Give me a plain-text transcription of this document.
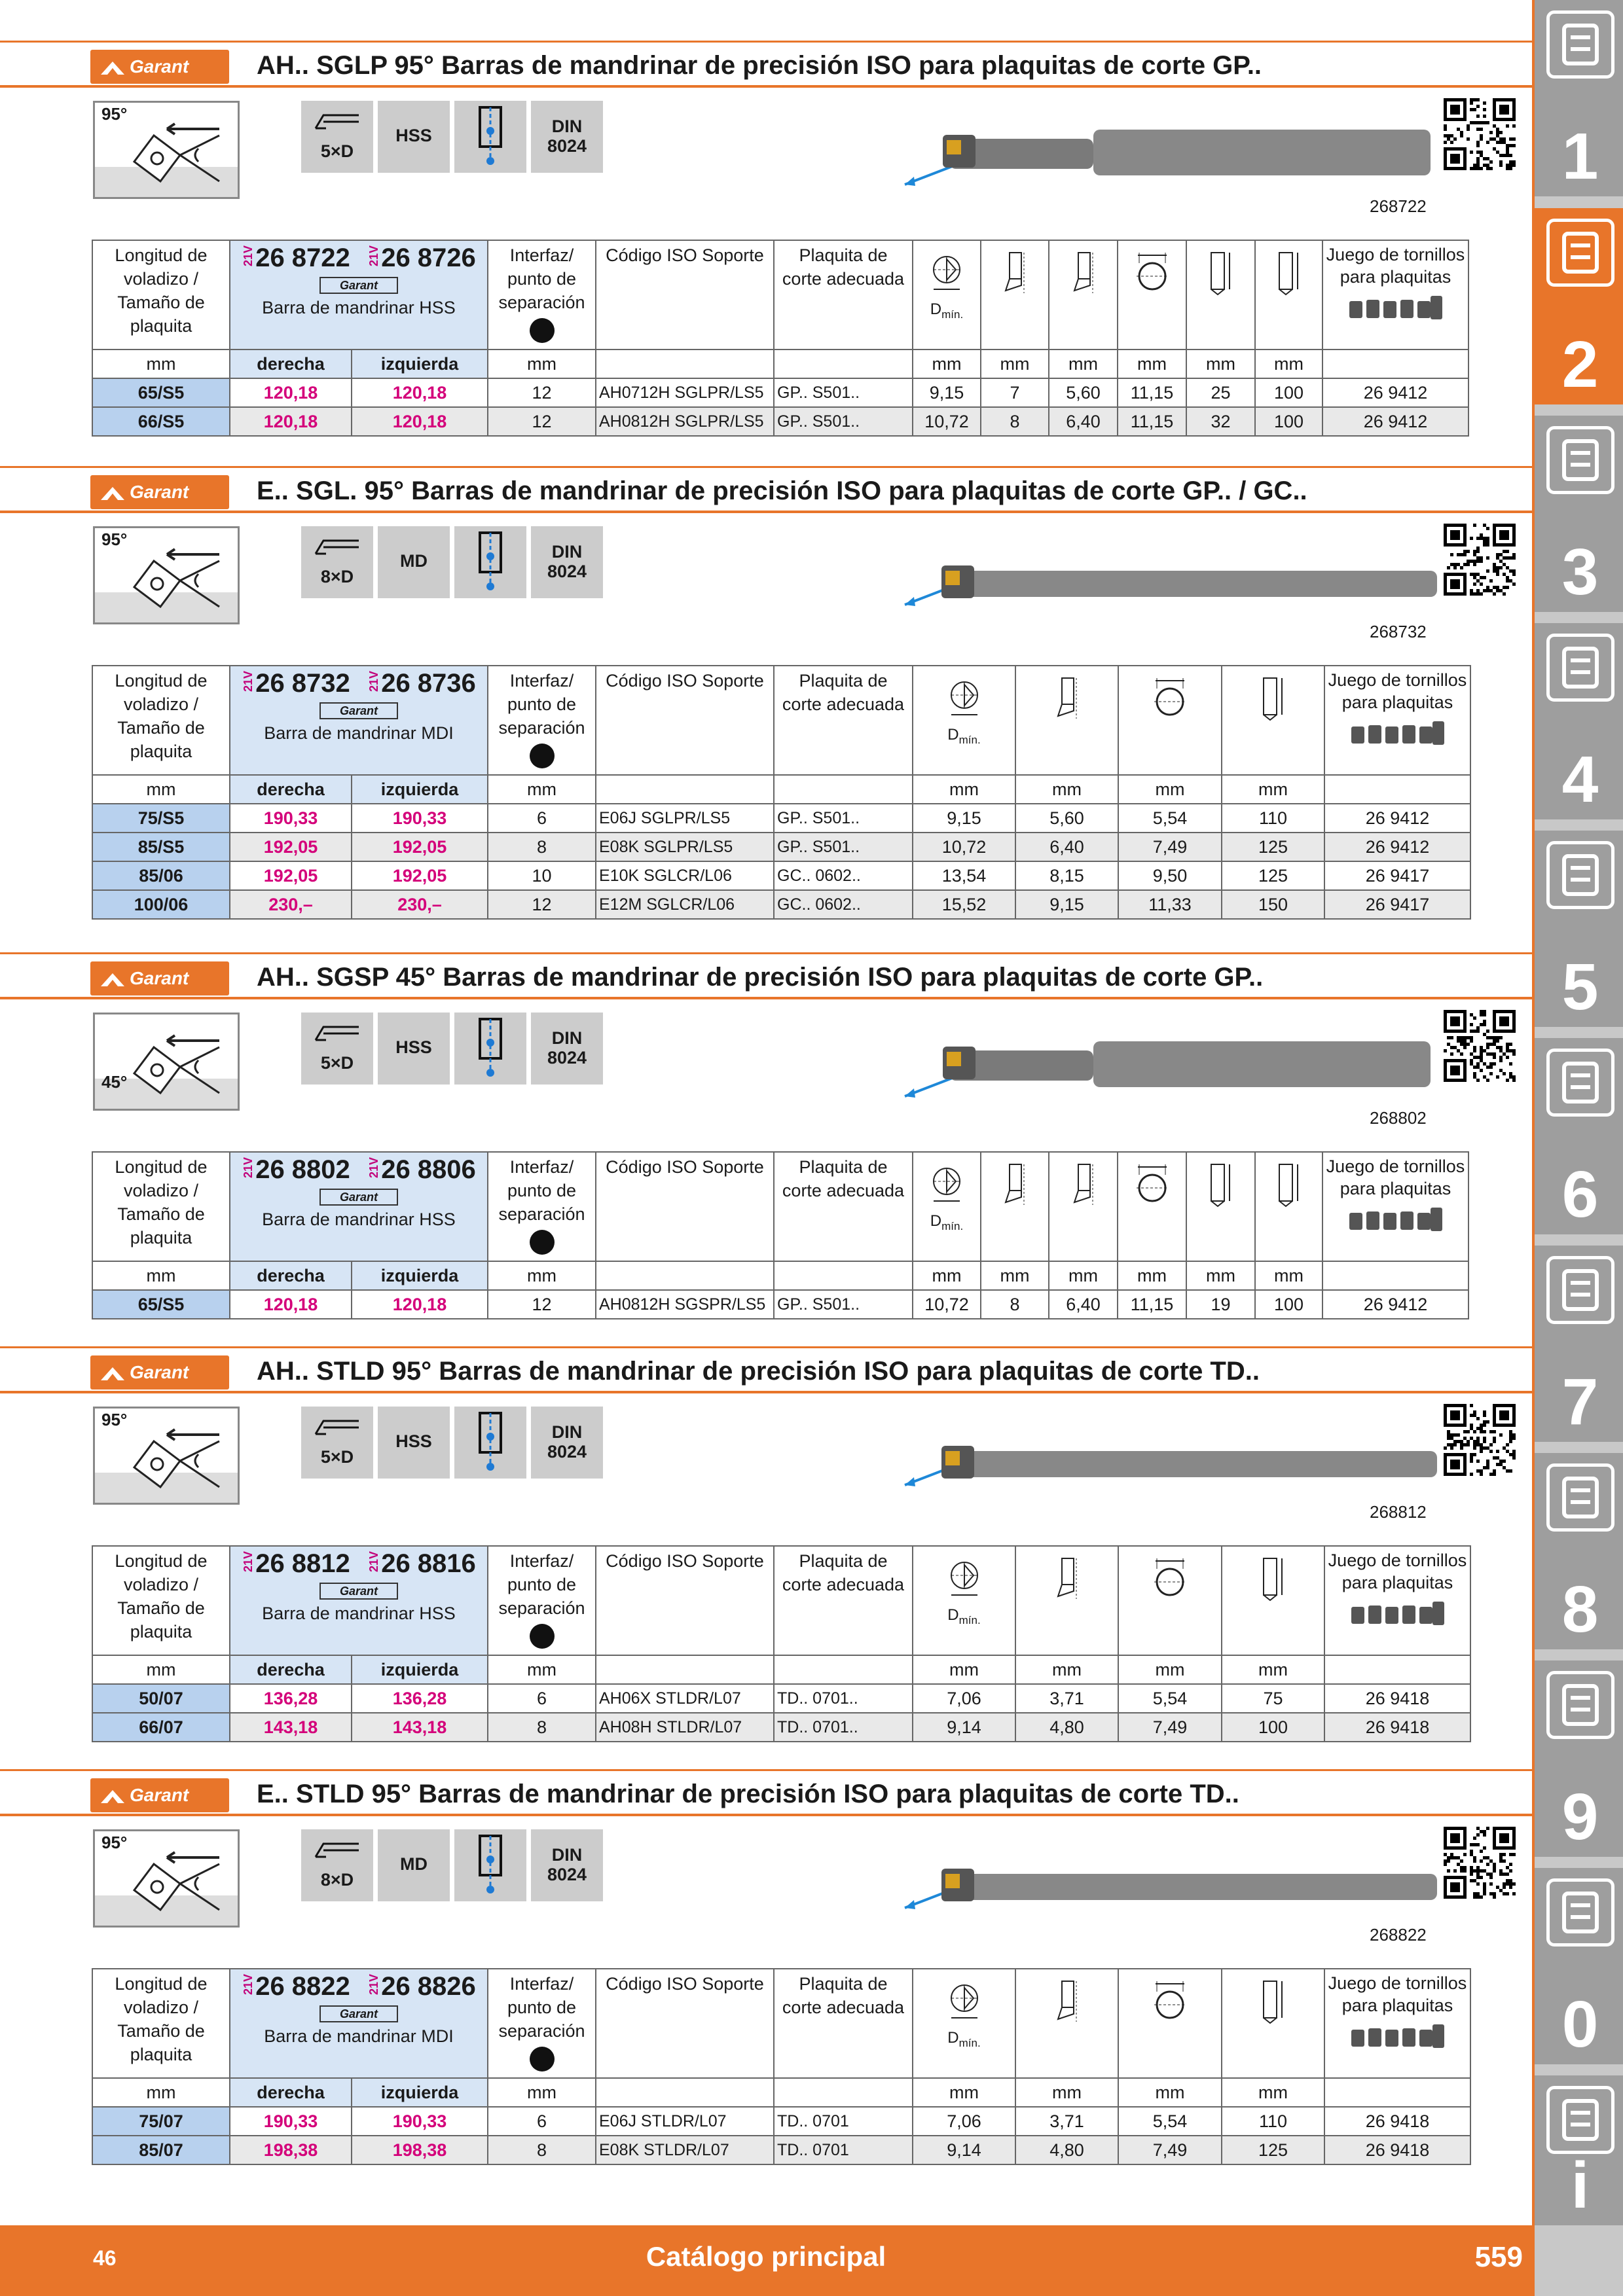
Garant	AH.. SGLP 95° Barras de mandrinar de precisión ISO para plaquitas de corte GP..
95°
5×D
HSS	DIN
8024
268722
Longitud de voladizo / Tamaño de plaquita	21V26 8722 21V26 8726
Garant
Barra de mandrinar HSS		Interfaz/ punto de separación	Código ISO Soporte	Plaquita de corte adecuada	$D_{mín.}$						Juego de tornillos para plaquitas

mm	derecha	izquierda	mm			mm	mm	mm	mm	mm	mm	
65/S5	120,18	120,18	12	AH0712H SGLPR/LS5	GP.. S501..	9,15	7	5,60	11,15	25	100	26 9412
66/S5	120,18	120,18	12	AH0812H SGLPR/LS5	GP.. S501..	10,72	8	6,40	11,15	32	100	26 9412
Garant	E.. SGL. 95° Barras de mandrinar de precisión ISO para plaquitas de corte GP.. / GC..
95°
8×D
MD	DIN
8024
268732
Longitud de voladizo / Tamaño de plaquita	21V26 8732 21V26 8736
Garant
Barra de mandrinar MDI		Interfaz/ punto de separación	Código ISO Soporte	Plaquita de corte adecuada	$D_{mín.}$				Juego de tornillos para plaquitas

mm	derecha	izquierda	mm			mm	mm	mm	mm	
75/S5	190,33	190,33	6	E06J SGLPR/LS5	GP.. S501..	9,15	5,60	5,54	110	26 9412
85/S5	192,05	192,05	8	E08K SGLPR/LS5	GP.. S501..	10,72	6,40	7,49	125	26 9412
85/06	192,05	192,05	10	E10K SGLCR/L06	GC.. 0602..	13,54	8,15	9,50	125	26 9417
100/06	230,–	230,–	12	E12M SGLCR/L06	GC.. 0602..	15,52	9,15	11,33	150	26 9417
Garant	AH.. SGSP 45° Barras de mandrinar de precisión ISO para plaquitas de corte GP..
45°
5×D
HSS	DIN
8024
268802
Longitud de voladizo / Tamaño de plaquita	21V26 8802 21V26 8806
Garant
Barra de mandrinar HSS		Interfaz/ punto de separación	Código ISO Soporte	Plaquita de corte adecuada	$D_{mín.}$						Juego de tornillos para plaquitas

mm	derecha	izquierda	mm			mm	mm	mm	mm	mm	mm	
65/S5	120,18	120,18	12	AH0812H SGSPR/LS5	GP.. S501..	10,72	8	6,40	11,15	19	100	26 9412
Garant	AH.. STLD 95° Barras de mandrinar de precisión ISO para plaquitas de corte TD..
95°
5×D
HSS	DIN
8024
268812
Longitud de voladizo / Tamaño de plaquita	21V26 8812 21V26 8816
Garant
Barra de mandrinar HSS		Interfaz/ punto de separación	Código ISO Soporte	Plaquita de corte adecuada	$D_{mín.}$				Juego de tornillos para plaquitas

mm	derecha	izquierda	mm			mm	mm	mm	mm	
50/07	136,28	136,28	6	AH06X STLDR/L07	TD.. 0701..	7,06	3,71	5,54	75	26 9418
66/07	143,18	143,18	8	AH08H STLDR/L07	TD.. 0701..	9,14	4,80	7,49	100	26 9418
Garant	E.. STLD 95° Barras de mandrinar de precisión ISO para plaquitas de corte TD..
95°
8×D
MD	DIN
8024
268822
Longitud de voladizo / Tamaño de plaquita	21V26 8822 21V26 8826
Garant
Barra de mandrinar MDI		Interfaz/ punto de separación	Código ISO Soporte	Plaquita de corte adecuada	$D_{mín.}$				Juego de tornillos para plaquitas

mm	derecha	izquierda	mm			mm	mm	mm	mm	
75/07	190,33	190,33	6	E06J STLDR/L07	TD.. 0701	7,06	3,71	5,54	110	26 9418
85/07	198,38	198,38	8	E08K STLDR/L07	TD.. 0701	9,14	4,80	7,49	125	26 9418
1
2
3
4
5
6
7
8
9
0
i
46	Catálogo principal	559
